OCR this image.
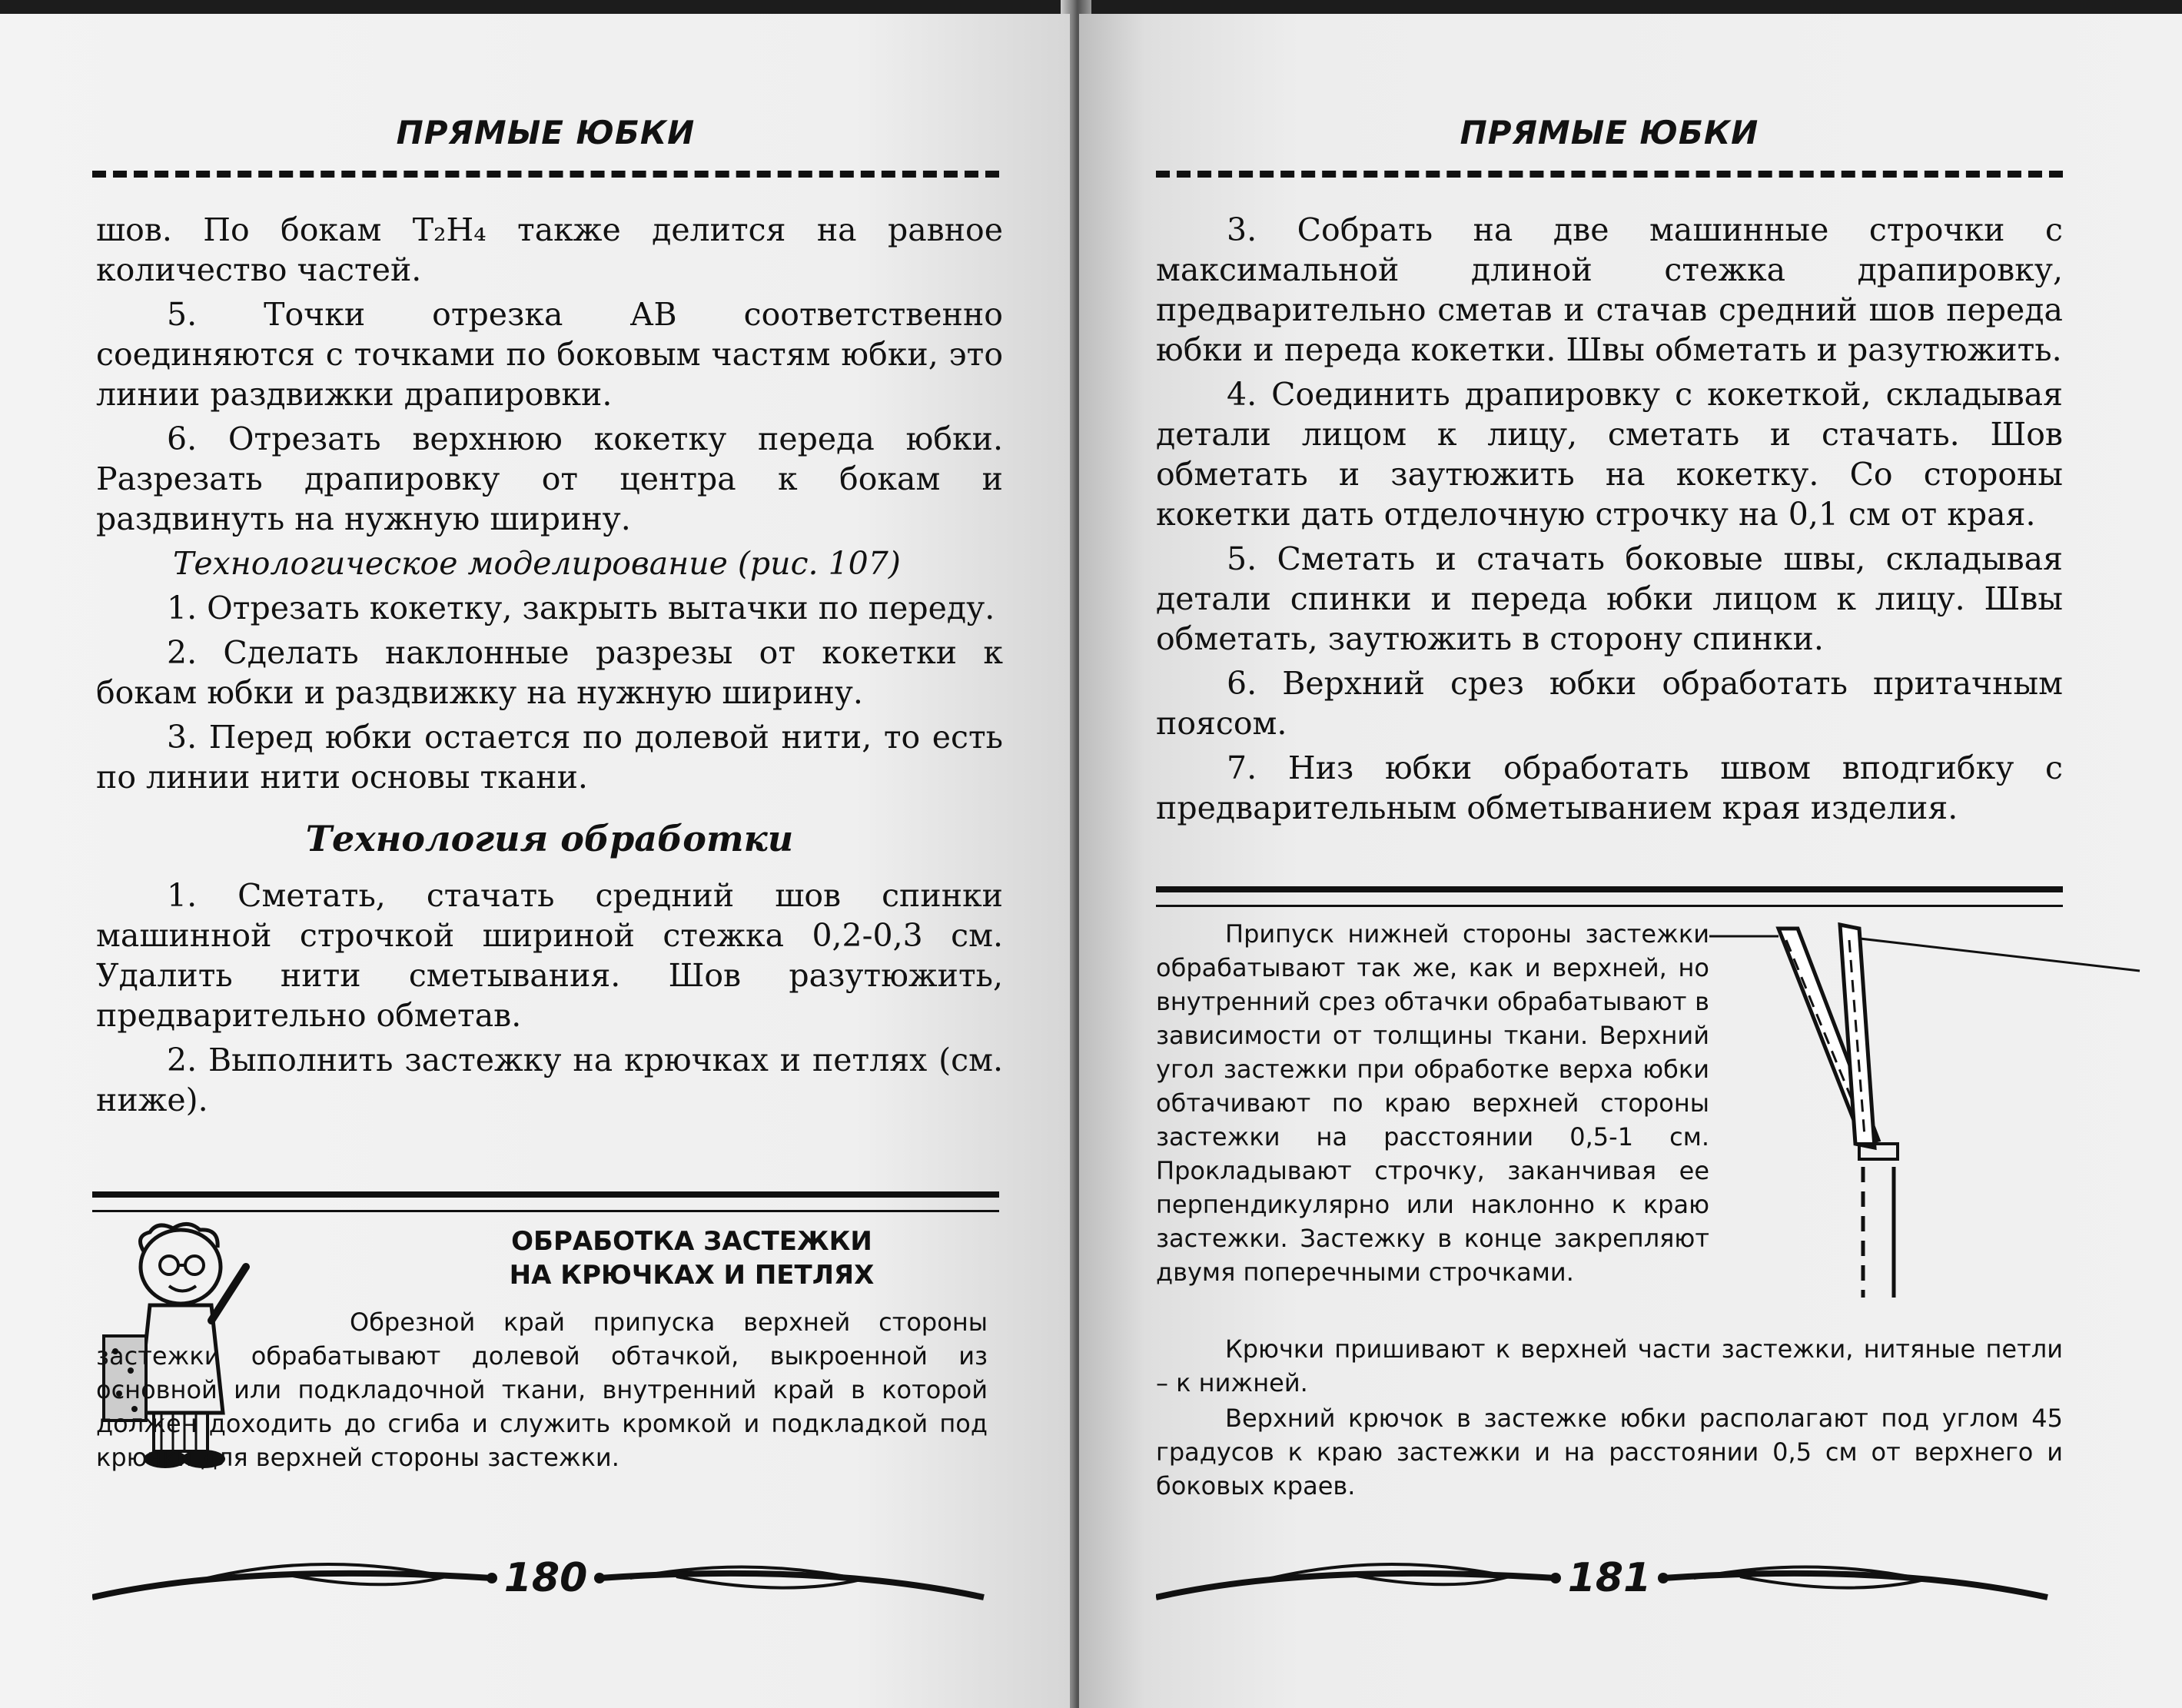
ПРЯМЫЕ ЮБКИ

шов. По бокам T₂H₄ также делится на равное количество частей.

5. Точки отрезка АВ соответственно соединяются с точками по боковым частям юбки, это линии раздвижки драпировки.

6. Отрезать верхнюю кокетку переда юбки. Разрезать драпировку от центра к бокам и раздвинуть на нужную ширину.

Технологическое моделирование (рис. 107)

1. Отрезать кокетку, закрыть вытачки по переду.

2. Сделать наклонные разрезы от кокетки к бокам юбки и раздвижку на нужную ширину.

3. Перед юбки остается по долевой нити, то есть по линии нити основы ткани.

Технология обработки

1. Сметать, стачать средний шов спинки машинной строчкой шириной стежка 0,2-0,3 см. Удалить нити сметывания. Шов разутюжить, предварительно обметав.

2. Выполнить застежку на крючках и петлях (см. ниже).

ОБРАБОТКА ЗАСТЕЖКИ
НА КРЮЧКАХ И ПЕТЛЯХ
Обрезной край припуска верхней стороны застежки обрабатывают долевой обтачкой, выкроенной из основной или подкладочной ткани, внутренний край в которой должен доходить до сгиба и служить кромкой и подкладкой под крючки для верхней стороны застежки.
180
ПРЯМЫЕ ЮБКИ

3. Собрать на две машинные строчки с максимальной длиной стежка драпировку, предварительно сметав и стачав средний шов переда юбки и переда кокетки. Швы обметать и разутюжить.

4. Соединить драпировку с кокеткой, складывая детали лицом к лицу, сметать и стачать. Шов обметать и заутюжить на кокетку. Со стороны кокетки дать отделочную строчку на 0,1 см от края.

5. Сметать и стачать боковые швы, складывая детали спинки и переда юбки лицом к лицу. Швы обметать, заутюжить в сторону спинки.

6. Верхний срез юбки обработать притачным поясом.

7. Низ юбки обработать швом вподгибку с предварительным обметыванием края изделия.

Припуск нижней стороны застежки обрабатывают так же, как и верхней, но внутренний срез обтачки обрабатывают в зависимости от толщины ткани. Верхний угол застежки при обработке верха юбки обтачивают по краю верхней стороны застежки на расстоянии 0,5-1 см. Прокладывают строчку, заканчивая ее перпендикулярно или наклонно к краю застежки. Застежку в конце закрепляют двумя поперечными строчками.
Крючки пришивают к верхней части застежки, нитяные петли – к нижней.
Верхний крючок в застежке юбки располагают под углом 45 градусов к краю застежки и на расстоянии 0,5 см от верхнего и боковых краев.
181
